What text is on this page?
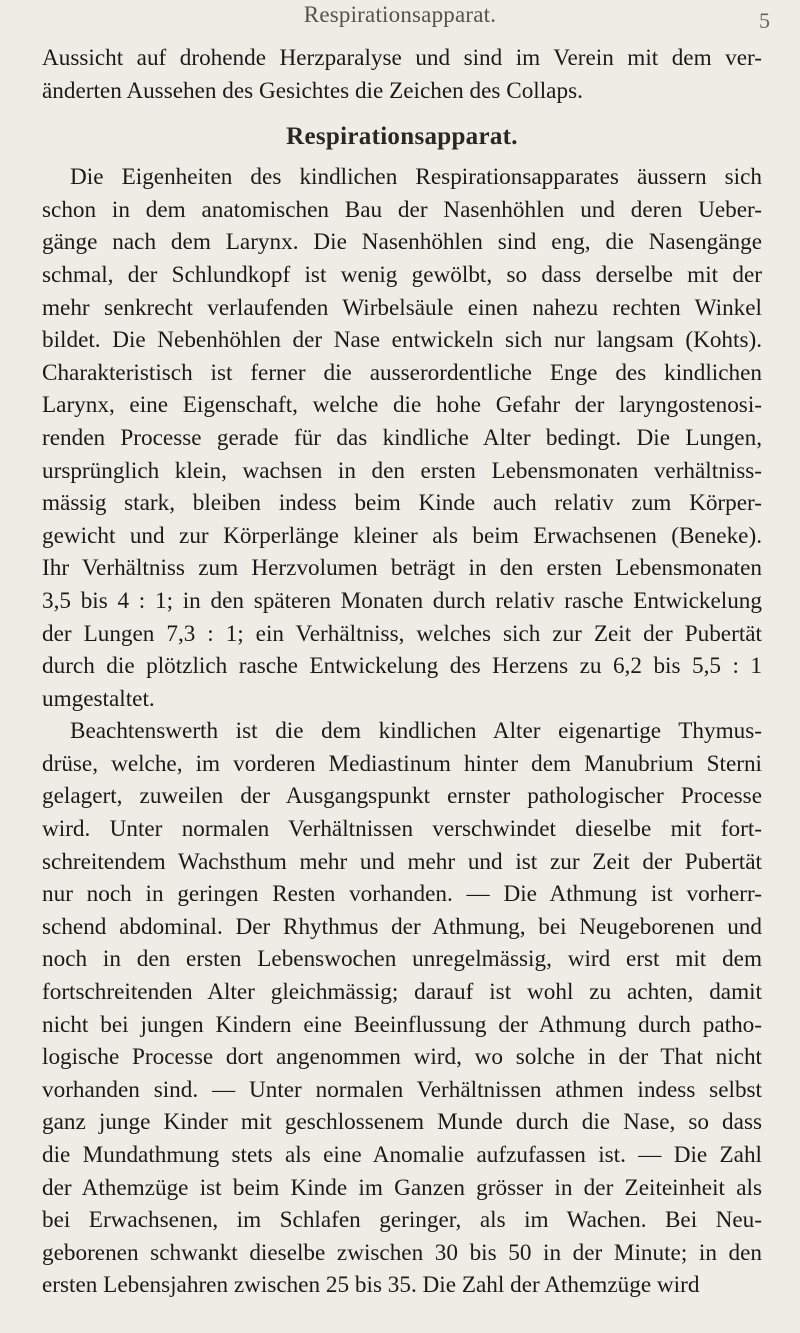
Respirationsapparat.	5
Aussicht auf drohende Herzparalyse und sind im Verein mit dem ver-
änderten Aussehen des Gesichtes die Zeichen des Collaps.
Respirationsapparat.
Die Eigenheiten des kindlichen Respirationsapparates äussern sich
schon in dem anatomischen Bau der Nasenhöhlen und deren Ueber-
gänge nach dem Larynx. Die Nasenhöhlen sind eng, die Nasengänge
schmal, der Schlundkopf ist wenig gewölbt, so dass derselbe mit der
mehr senkrecht verlaufenden Wirbelsäule einen nahezu rechten Winkel
bildet. Die Nebenhöhlen der Nase entwickeln sich nur langsam (Kohts).
Charakteristisch ist ferner die ausserordentliche Enge des kindlichen
Larynx, eine Eigenschaft, welche die hohe Gefahr der laryngostenosi-
renden Processe gerade für das kindliche Alter bedingt. Die Lungen,
ursprünglich klein, wachsen in den ersten Lebensmonaten verhältniss-
mässig stark, bleiben indess beim Kinde auch relativ zum Körper-
gewicht und zur Körperlänge kleiner als beim Erwachsenen (Beneke).
Ihr Verhältniss zum Herzvolumen beträgt in den ersten Lebensmonaten
3,5 bis 4 : 1; in den späteren Monaten durch relativ rasche Entwickelung
der Lungen 7,3 : 1; ein Verhältniss, welches sich zur Zeit der Pubertät
durch die plötzlich rasche Entwickelung des Herzens zu 6,2 bis 5,5 : 1
umgestaltet.
Beachtenswerth ist die dem kindlichen Alter eigenartige Thymus-
drüse, welche, im vorderen Mediastinum hinter dem Manubrium Sterni
gelagert, zuweilen der Ausgangspunkt ernster pathologischer Processe
wird. Unter normalen Verhältnissen verschwindet dieselbe mit fort-
schreitendem Wachsthum mehr und mehr und ist zur Zeit der Pubertät
nur noch in geringen Resten vorhanden. — Die Athmung ist vorherr-
schend abdominal. Der Rhythmus der Athmung, bei Neugeborenen und
noch in den ersten Lebenswochen unregelmässig, wird erst mit dem
fortschreitenden Alter gleichmässig; darauf ist wohl zu achten, damit
nicht bei jungen Kindern eine Beeinflussung der Athmung durch patho-
logische Processe dort angenommen wird, wo solche in der That nicht
vorhanden sind. — Unter normalen Verhältnissen athmen indess selbst
ganz junge Kinder mit geschlossenem Munde durch die Nase, so dass
die Mundathmung stets als eine Anomalie aufzufassen ist. — Die Zahl
der Athemzüge ist beim Kinde im Ganzen grösser in der Zeiteinheit als
bei Erwachsenen, im Schlafen geringer, als im Wachen. Bei Neu-
geborenen schwankt dieselbe zwischen 30 bis 50 in der Minute; in den
ersten Lebensjahren zwischen 25 bis 35. Die Zahl der Athemzüge wird
